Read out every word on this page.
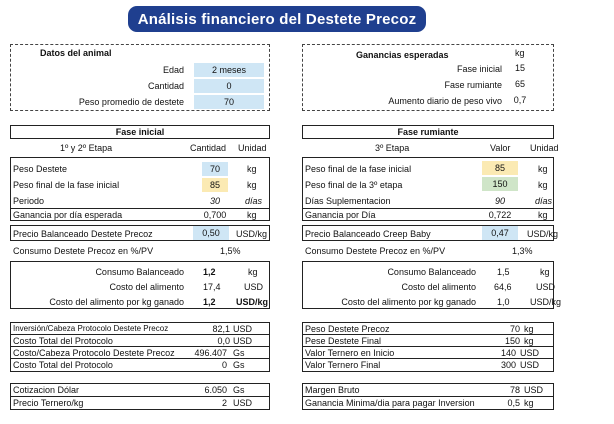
Análisis financiero del Destete Precoz
Datos del animal
Edad	2 meses
Cantidad	0
Peso promedio de destete	70
Ganancias esperadas	kg
Fase inicial	15
Fase rumiante	65
Aumento diario de peso vivo	0,7
Fase inicial
1º y 2º Etapa	Cantidad Unidad
Peso Destete	70	kg
Peso final de la fase inicial	85	kg
Periodo	30	días
Ganancia por día esperada	0,700	kg
Precio Balanceado Destete Precoz	0,50	USD/kg
Consumo Destete Precoz en %/PV	1,5%
Consumo Balanceado 1,2	kg
Costo del alimento 17,4	USD
Costo del alimento por kg ganado 1,2 USD/kg
Fase rumiante
3º Etapa	Valor Unidad
Peso final de la fase inicial	85	kg
Peso final de la 3º etapa	150	kg
Días Suplementacion	90	días
Ganancia por Día	0,722	kg
Precio Balanceado Creep Baby	0,47	USD/kg
Consumo Destete Precoz en %/PV	1,3%
Consumo Balanceado 1,5	kg
Costo del alimento 64,6	USD
Costo del alimento por kg ganado 1,0 USD/kg
Inversión/Cabeza Protocolo Destete Precoz	82,1 USD
Costo Total del Protocolo	0,0 USD
Costo/Cabeza Protocolo Destete Precoz	496.407 Gs
Costo Total del Protocolo	0 Gs
Peso Destete Precoz	70 kg
Pese Destete Final	150 kg
Valor Ternero en Inicio	140 USD
Valor Ternero Final	300 USD
Cotizacion Dólar	6.050 Gs
Precio Ternero/kg	2 USD
Margen Bruto	78 USD
Ganancia Minima/dia para pagar Inversion	0,5 kg
